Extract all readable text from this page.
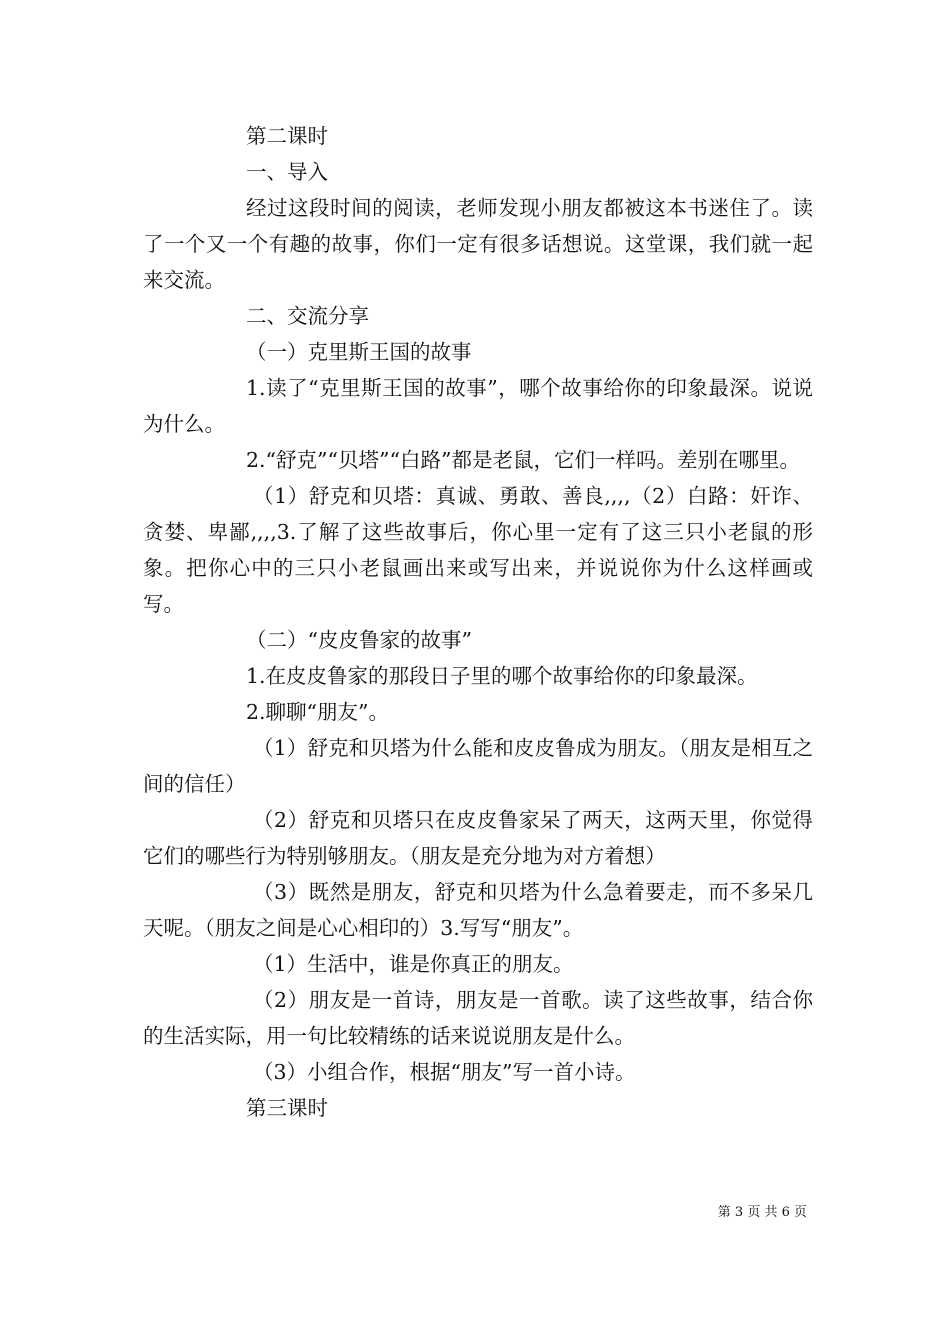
第二课时

一、导入

经过这段时间的阅读，老师发现小朋友都被这本书迷住了。读了一个又一个有趣的故事，你们一定有很多话想说。这堂课，我们就一起来交流。

二、交流分享

（一）克里斯王国的故事

1.读了“克里斯王国的故事”，哪个故事给你的印象最深。说说为什么。

2.“舒克”“贝塔”“白路”都是老鼠，它们一样吗。差别在哪里。

（1）舒克和贝塔：真诚、勇敢、善良,,,,（2）白路：奸诈、贪婪、卑鄙,,,,3.了解了这些故事后，你心里一定有了这三只小老鼠的形象。把你心中的三只小老鼠画出来或写出来，并说说你为什么这样画或写。

（二）“皮皮鲁家的故事”

1.在皮皮鲁家的那段日子里的哪个故事给你的印象最深。

2.聊聊“朋友”。

（1）舒克和贝塔为什么能和皮皮鲁成为朋友。（朋友是相互之间的信任）

（2）舒克和贝塔只在皮皮鲁家呆了两天，这两天里，你觉得它们的哪些行为特别够朋友。（朋友是充分地为对方着想）

（3）既然是朋友，舒克和贝塔为什么急着要走，而不多呆几天呢。（朋友之间是心心相印的）3.写写“朋友”。

（1）生活中，谁是你真正的朋友。

（2）朋友是一首诗，朋友是一首歌。读了这些故事，结合你的生活实际，用一句比较精练的话来说说朋友是什么。

（3）小组合作，根据“朋友”写一首小诗。

第三课时

第 3 页 共 6 页
